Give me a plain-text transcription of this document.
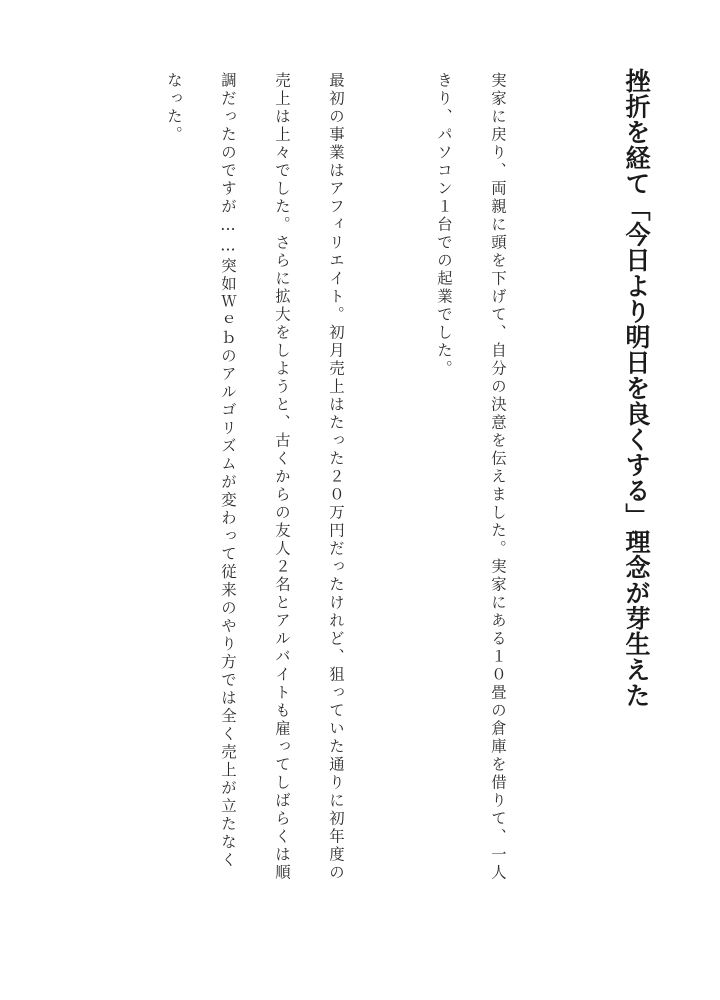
挫折を経て「今日より明日を良くする」理念が芽生えた

実家に戻り、両親に頭を下げて、自分の決意を伝えました。実家にある１０畳の倉庫を借りて、一人

きり、パソコン１台での起業でした。

最初の事業はアフィリエイト。初月売上はたった２０万円だったけれど、狙っていた通りに初年度の

売上は上々でした。さらに拡大をしようと、古くからの友人２名とアルバイトも雇ってしばらくは順

調だったのですが……突如Ｗｅｂのアルゴリズムが変わって従来のやり方では全く売上が立たなく

なった。
